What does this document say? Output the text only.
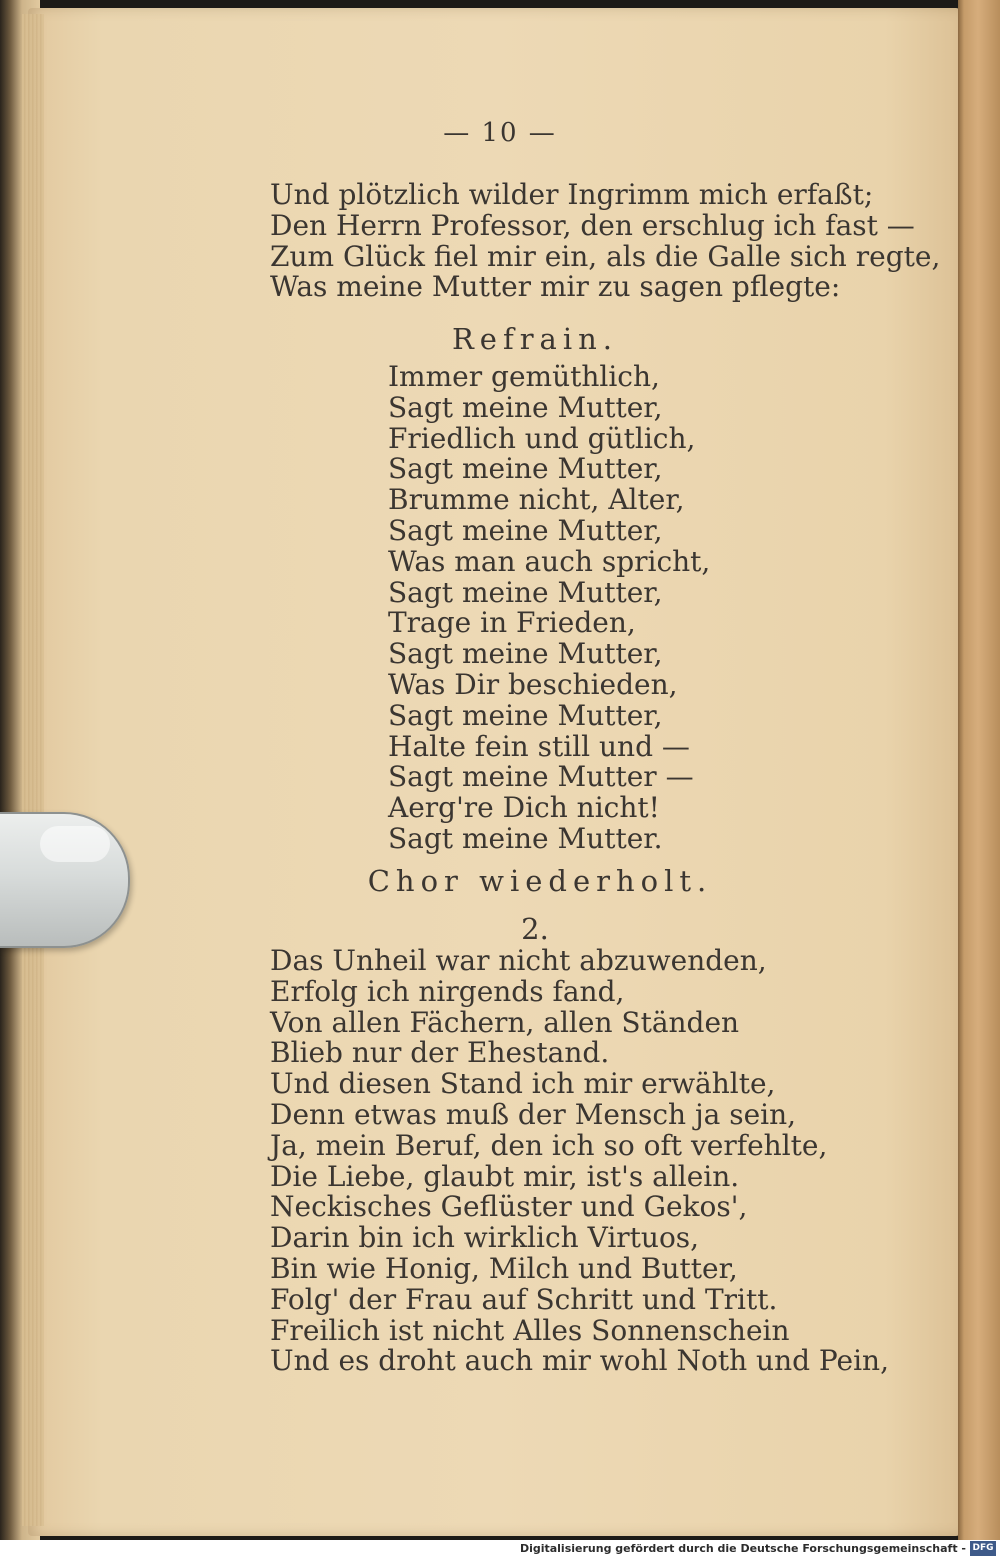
— 10 —
Und plötzlich wilder Ingrimm mich erfaßt;
Den Herrn Professor, den erschlug ich fast —
Zum Glück fiel mir ein, als die Galle sich regte,
Was meine Mutter mir zu sagen pflegte:
Refrain.
Immer gemüthlich,
Sagt meine Mutter,
Friedlich und gütlich,
Sagt meine Mutter,
Brumme nicht, Alter,
Sagt meine Mutter,
Was man auch spricht,
Sagt meine Mutter,
Trage in Frieden,
Sagt meine Mutter,
Was Dir beschieden,
Sagt meine Mutter,
Halte fein still und —
Sagt meine Mutter —
Aerg're Dich nicht!
Sagt meine Mutter.
Chor wiederholt.
2.
Das Unheil war nicht abzuwenden,
Erfolg ich nirgends fand,
Von allen Fächern, allen Ständen
Blieb nur der Ehestand.
Und diesen Stand ich mir erwählte,
Denn etwas muß der Mensch ja sein,
Ja, mein Beruf, den ich so oft verfehlte,
Die Liebe, glaubt mir, ist's allein.
Neckisches Geflüster und Gekos',
Darin bin ich wirklich Virtuos,
Bin wie Honig, Milch und Butter,
Folg' der Frau auf Schritt und Tritt.
Freilich ist nicht Alles Sonnenschein
Und es droht auch mir wohl Noth und Pein,
Digitalisierung gefördert durch die Deutsche Forschungsgemeinschaft - DFG
